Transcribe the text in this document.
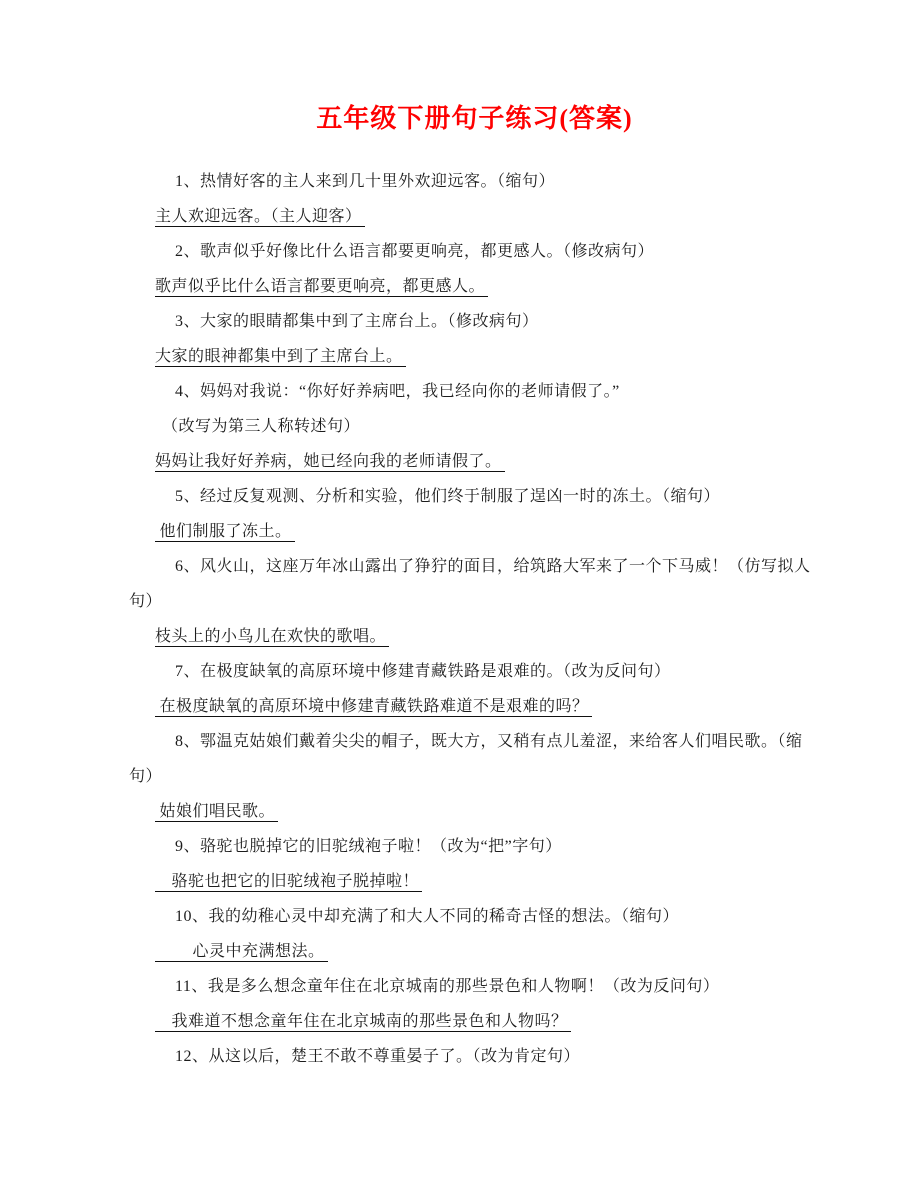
五年级下册句子练习(答案)
1、热情好客的主人来到几十里外欢迎远客。（缩句）
主人欢迎远客。（主人迎客）
2、歌声似乎好像比什么语言都要更响亮，都更感人。（修改病句）
歌声似乎比什么语言都要更响亮，都更感人。
3、大家的眼睛都集中到了主席台上。（修改病句）
大家的眼神都集中到了主席台上。
4、妈妈对我说：“你好好养病吧，我已经向你的老师请假了。”
（改写为第三人称转述句）
妈妈让我好好养病，她已经向我的老师请假了。
5、经过反复观测、分析和实验，他们终于制服了逞凶一时的冻土。（缩句）
 他们制服了冻土。
6、风火山，这座万年冰山露出了狰狞的面目，给筑路大军来了一个下马威！（仿写拟人
句）
枝头上的小鸟儿在欢快的歌唱。
7、在极度缺氧的高原环境中修建青藏铁路是艰难的。（改为反问句）
 在极度缺氧的高原环境中修建青藏铁路难道不是艰难的吗？
8、鄂温克姑娘们戴着尖尖的帽子，既大方，又稍有点儿羞涩，来给客人们唱民歌。（缩
句）
 姑娘们唱民歌。
9、骆驼也脱掉它的旧驼绒袍子啦！（改为“把”字句）
　骆驼也把它的旧驼绒袍子脱掉啦！
10、我的幼稚心灵中却充满了和大人不同的稀奇古怪的想法。（缩句）
　　 心灵中充满想法。
11、我是多么想念童年住在北京城南的那些景色和人物啊！（改为反问句）
　我难道不想念童年住在北京城南的那些景色和人物吗？
12、从这以后，楚王不敢不尊重晏子了。（改为肯定句）
